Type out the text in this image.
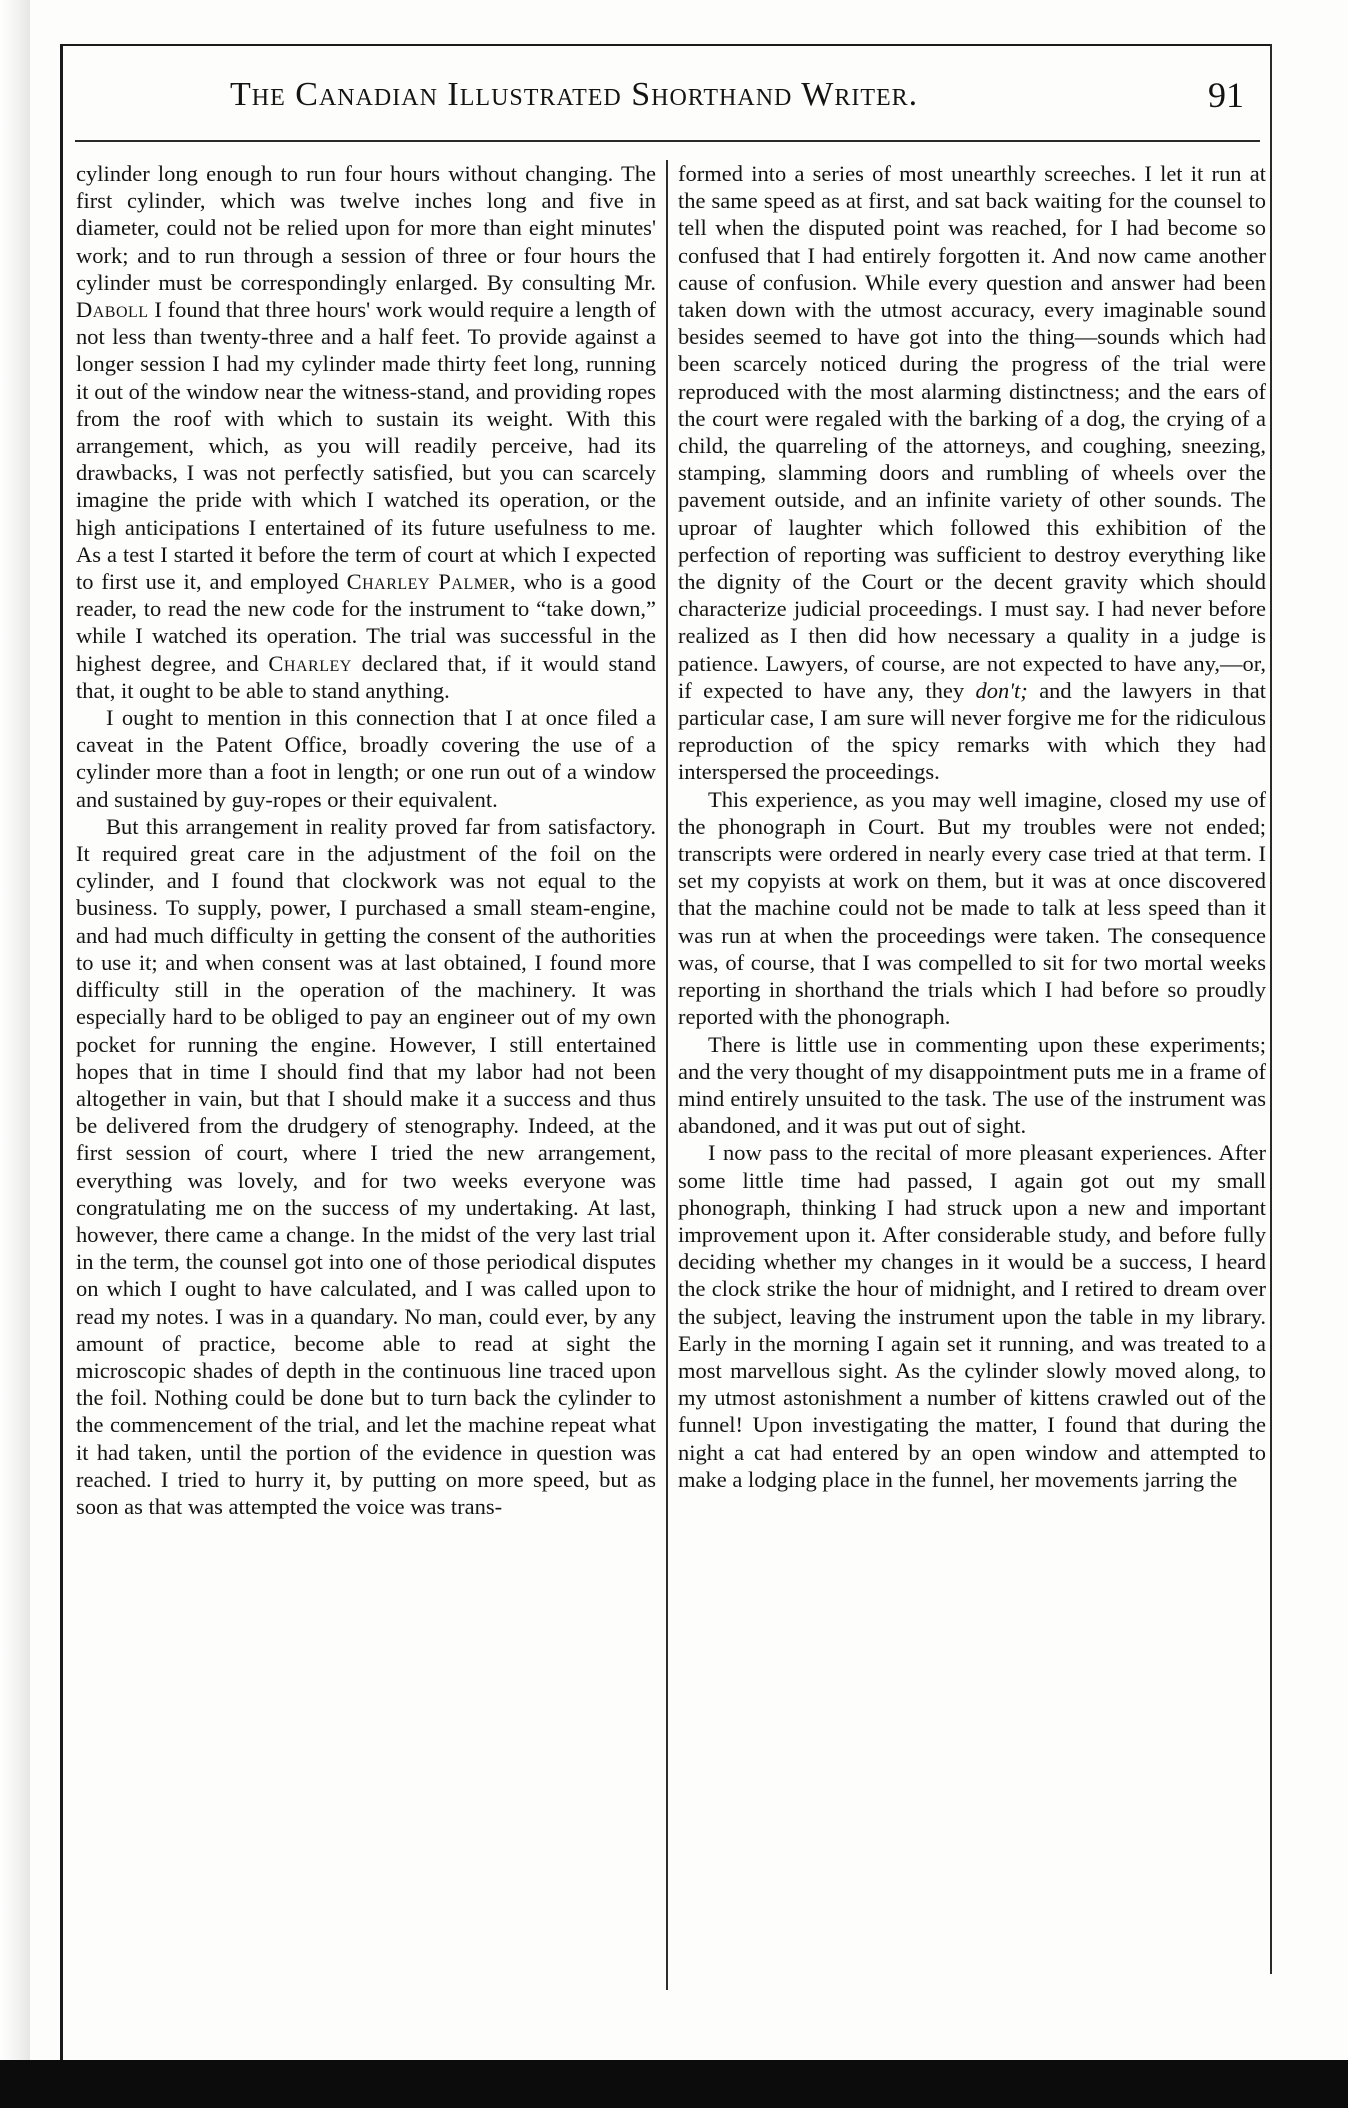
The Canadian Illustrated Shorthand Writer.	91

cylinder long enough to run four hours without changing. The first cylinder, which was twelve inches long and five in diameter, could not be relied upon for more than eight minutes' work; and to run through a session of three or four hours the cylinder must be correspondingly enlarged. By consulting Mr. Daboll I found that three hours' work would require a length of not less than twenty-three and a half feet. To provide against a longer session I had my cylinder made thirty feet long, running it out of the window near the witness-stand, and providing ropes from the roof with which to sustain its weight. With this arrangement, which, as you will readily perceive, had its drawbacks, I was not perfectly satisfied, but you can scarcely imagine the pride with which I watched its operation, or the high anticipations I entertained of its future usefulness to me. As a test I started it before the term of court at which I expected to first use it, and employed Charley Palmer, who is a good reader, to read the new code for the instrument to “take down,” while I watched its operation. The trial was successful in the highest degree, and Charley declared that, if it would stand that, it ought to be able to stand anything.

I ought to mention in this connection that I at once filed a caveat in the Patent Office, broadly covering the use of a cylinder more than a foot in length; or one run out of a window and sustained by guy-ropes or their equivalent.

But this arrangement in reality proved far from satisfactory. It required great care in the adjustment of the foil on the cylinder, and I found that clockwork was not equal to the business. To supply, power, I purchased a small steam-engine, and had much difficulty in getting the consent of the authorities to use it; and when consent was at last obtained, I found more difficulty still in the operation of the machinery. It was especially hard to be obliged to pay an engineer out of my own pocket for running the engine. However, I still entertained hopes that in time I should find that my labor had not been altogether in vain, but that I should make it a success and thus be delivered from the drudgery of stenography. Indeed, at the first session of court, where I tried the new arrangement, everything was lovely, and for two weeks everyone was congratulating me on the success of my undertaking. At last, however, there came a change. In the midst of the very last trial in the term, the counsel got into one of those periodical disputes on which I ought to have calculated, and I was called upon to read my notes. I was in a quandary. No man, could ever, by any amount of practice, become able to read at sight the microscopic shades of depth in the continuous line traced upon the foil. Nothing could be done but to turn back the cylinder to the commencement of the trial, and let the machine repeat what it had taken, until the portion of the evidence in question was reached. I tried to hurry it, by putting on more speed, but as soon as that was attempted the voice was trans-

formed into a series of most unearthly screeches. I let it run at the same speed as at first, and sat back waiting for the counsel to tell when the disputed point was reached, for I had become so confused that I had entirely forgotten it. And now came another cause of confusion. While every question and answer had been taken down with the utmost accuracy, every imaginable sound besides seemed to have got into the thing—sounds which had been scarcely noticed during the progress of the trial were reproduced with the most alarming distinctness; and the ears of the court were regaled with the barking of a dog, the crying of a child, the quarreling of the attorneys, and coughing, sneezing, stamping, slamming doors and rumbling of wheels over the pavement outside, and an infinite variety of other sounds. The uproar of laughter which followed this exhibition of the perfection of reporting was sufficient to destroy everything like the dignity of the Court or the decent gravity which should characterize judicial proceedings. I must say. I had never before realized as I then did how necessary a quality in a judge is patience. Lawyers, of course, are not expected to have any,—or, if expected to have any, they don't; and the lawyers in that particular case, I am sure will never forgive me for the ridiculous reproduction of the spicy remarks with which they had interspersed the proceedings.

This experience, as you may well imagine, closed my use of the phonograph in Court. But my troubles were not ended; transcripts were ordered in nearly every case tried at that term. I set my copyists at work on them, but it was at once discovered that the machine could not be made to talk at less speed than it was run at when the proceedings were taken. The consequence was, of course, that I was compelled to sit for two mortal weeks reporting in shorthand the trials which I had before so proudly reported with the phonograph.

There is little use in commenting upon these experiments; and the very thought of my disappointment puts me in a frame of mind entirely unsuited to the task. The use of the instrument was abandoned, and it was put out of sight.

I now pass to the recital of more pleasant experiences. After some little time had passed, I again got out my small phonograph, thinking I had struck upon a new and important improvement upon it. After considerable study, and before fully deciding whether my changes in it would be a success, I heard the clock strike the hour of midnight, and I retired to dream over the subject, leaving the instrument upon the table in my library. Early in the morning I again set it running, and was treated to a most marvellous sight. As the cylinder slowly moved along, to my utmost astonishment a number of kittens crawled out of the funnel! Upon investigating the matter, I found that during the night a cat had entered by an open window and attempted to make a lodging place in the funnel, her movements jarring the
